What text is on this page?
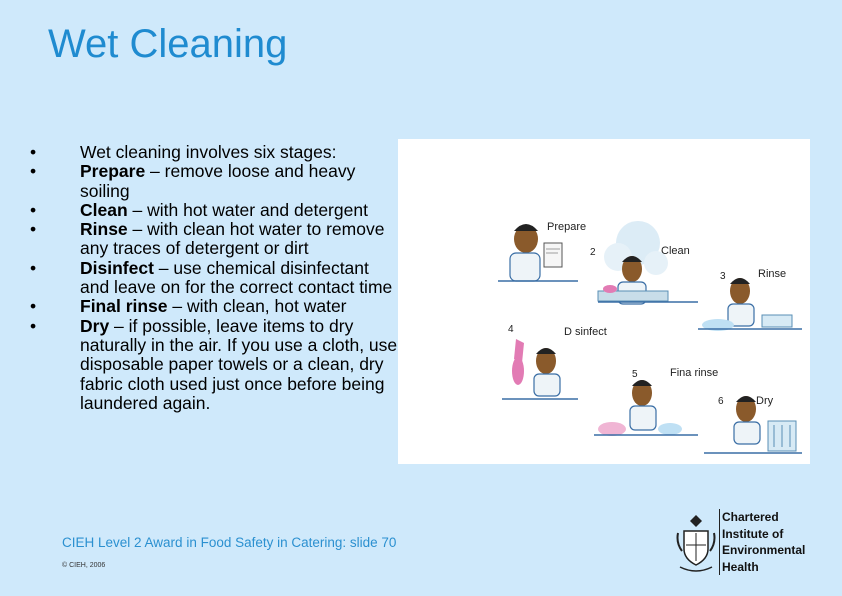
Wet Cleaning
•	Wet cleaning involves six stages:
•	Prepare – remove loose and heavy soiling
•	Clean – with hot water and detergent
•	Rinse – with clean hot water to remove any traces of detergent or dirt
•	Disinfect – use chemical disinfectant and leave on for the correct contact time
•	Final rinse – with clean, hot water
•	Dry – if possible, leave items to dry naturally in the air. If you use a cloth, use disposable paper towels or a clean, dry fabric cloth used just once before being laundered again.
Prepare
2	Clean
3	Rinse
4	D sinfect
5	Fina rinse
6	Dry
CIEH Level 2 Award in Food Safety in Catering: slide 70
© CIEH, 2006
Chartered
Institute of
Environmental
Health
